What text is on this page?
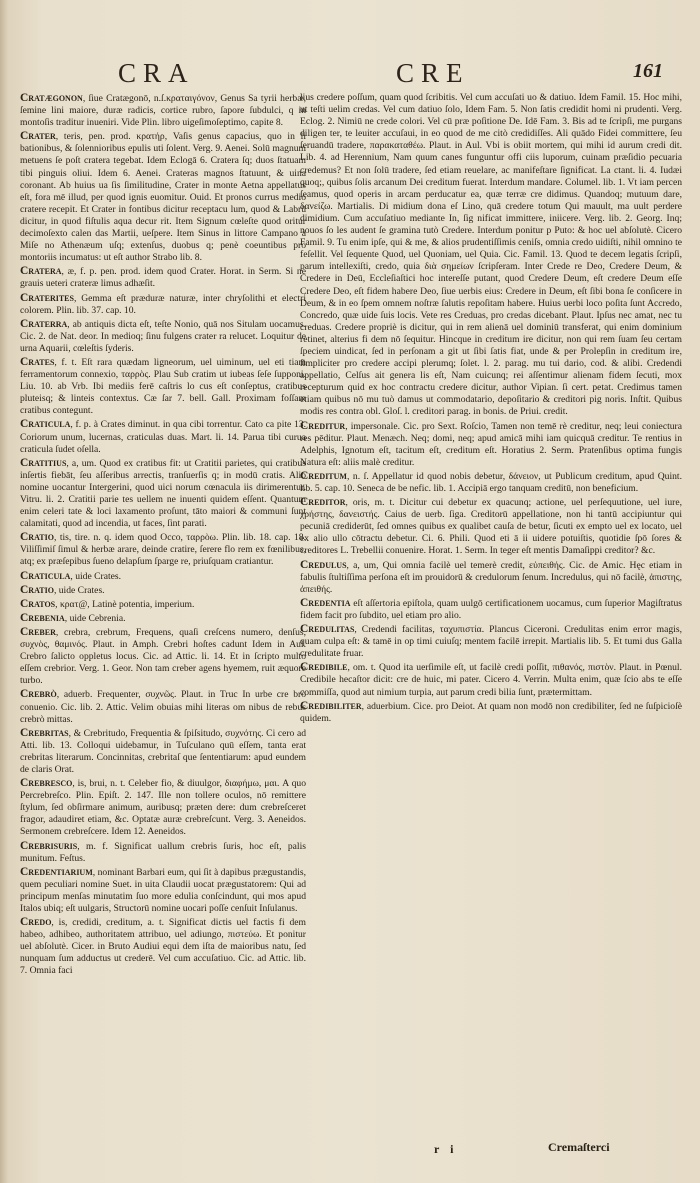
CRA	CRE	161
Cratægonon, ſiue Cratægonō, n.ſ.κραταιγόνον, Genus Sa tyrii herbæ, ſemine lini maiore, duræ radicis, cortice rubro, ſapore ſubdulci, q in montoſis traditur inueniri. Vide Plin. libro uigeſimoſeptimo, capite 8.
Crater, teris, pen. prod. κρατήρ, Vaſis genus capacius, quo in li bationibus, & ſolennioribus epulis uti ſolent. Verg. 9. Aenei. Solū magnum metuens ſe poſt cratera tegebat. Idem Eclogā 6. Cratera ſq; duos ſtatuam tibi pinguis oliui. Idem 6. Aenei. Crateras magnos ſtatuunt, & uina coronant. Ab huius ua ſis ſimilitudine, Crater in monte Aetna appellatus eſt, fora mē illud, per quod ignis euomitur. Ouid. Et pronos currus medio cratere recepit. Et Crater in fontibus dicitur receptacu lum, quod & Labrū dicitur, in quod fiſtulis aqua decur rit. Item Signum cœleſte quod oritur decimoſexto calen das Martii, ueſpere. Item Sinus in littore Campano à Miſe no Athenæum uſq; extenſus, duobus q; penè coeuntibus pro montoriis incumatus: ut eſt author Strabo lib. 8.
Cratera, æ, f. p. pen. prod. idem quod Crater. Horat. in Serm. Si ne grauis ueteri crateræ limus adhæſit.
Craterites, Gemma eſt præduræ naturæ, inter chryſolithi et electri colorem. Plin. lib. 37. cap. 10.
Craterra, ab antiquis dicta eſt, teſte Nonio, quā nos Situlam uocamus. Cic. 2. de Nat. deor. In medioq; ſinu fulgens crater ra relucet. Loquitur de urna Aquarii, cœleſtis ſyderis.
Crates, f. t. Eſt rara quædam ligneorum, uel uiminum, uel eti tiam ferramentorum connexio, ταρρὸς. Plau Sub cratim ut iubeas ſeſe ſupponi. Liu. 10. ab Vrb. Ibi mediis ferē caſtris lo cus eſt conſeptus, cratibus pluteisq; & linteis contextus. Cæ ſar 7. bell. Gall. Proximam foſſam cratibus contegunt.
Craticula, f. p. à Crates diminut. in qua cibi torrentur. Cato ca pite 13. Coriorum unum, lucernas, craticulas duas. Mart. li. 14. Parua tibi curua craticula ſudet oſella.
Cratitius, a, um. Quod ex cratibus fit: ut Cratitii parietes, qui cratibus inſertis fiebāt, ſeu aſſeribus arrectis, tranſuerſis q; in modū cratis. Alio nomine uocantur Intergerini, quod uici norum cœnacula iis dirimerentur. Vitru. li. 2. Cratitii parie tes uellem ne inuenti quidem eſſent. Quantum enim celeri tate & loci laxamento proſunt, tāto maiori & communi ſunt calamitati, quod ad incendia, ut faces, ſint parati.
Cratio, tis, tire. n. q. idem quod Occo, ταρρὸω. Plin. lib. 18. cap. 18. Viliſſimiſ ſimul & herbæ arare, deinde cratire, ſerere flo rem ex fœnilibus, atq; ex præſepibus ſueno delapſum ſparge re, priuſquam cratiantur.
Craticula, uide Crates.
Cratio, uide Crates.
Cratos, κρατ@, Latinè potentia, imperium.
Crebenia, uide Cebrenia.
Creber, crebra, crebrum, Frequens, quaſi creſcens numero, denſus, συχνὸς, θαμινός. Plaut. in Amph. Crebri hoſtes cadunt Idem in Aul. Crebro ſalicto oppletus locus. Cic. ad Attic. li. 14. Et in ſcripto multo eſſem crebrior. Verg. 1. Geor. Non tam creber agens hyemem, ruit æquore turbo.
Crebrò, aduerb. Frequenter, συχνῶς. Plaut. in Truc In urbe cre brò conuenio. Cic. lib. 2. Attic. Velim obuias mihi literas om nibus de rebus crebrò mittas.
Crebritas, & Crebritudo, Frequentia & ſpiſsitudo, συχνότης. Ci cero ad Atti. lib. 13. Colloqui uidebamur, in Tuſculano quū eſſem, tanta erat crebritas literarum. Concinnitas, crebritaſ que ſententiarum: apud eundem de claris Orat.
Crebreſco, is, brui, n. t. Celeber fio, & diuulgor, διαφήμω, μαι. A quo Percrebreſco. Plin. Epiſt. 2. 147. Ille non tollere oculos, nō remittere ſtylum, ſed obſirmare animum, auribusq; præten dere: dum crebreſceret fragor, adaudiret etiam, &c. Optatæ auræ crebreſcunt. Verg. 3. Aeneidos. Sermonem crebreſcere. Idem 12. Aeneidos.
Crebriſuris, m. f. Significat uallum crebris ſuris, hoc eſt, palis munitum. Feſtus.
Credentiarium, nominant Barbari eum, qui ſit à dapibus prægustandis, quem peculiari nomine Suet. in uita Claudii uocat prægustatorem: Qui ad principum menſas minutatim ſuo more edulia conſcindunt, qui mos apud Italos ubiq; eſt uulgaris, Structorū nomine uocari poſſe cenſuit Inſulanus.
Credo, is, credidi, creditum, a. t. Significat dictis uel factis fi dem habeo, adhibeo, authoritatem attribuo, uel adiungo, πιστεύω. Et ponitur uel abſolutè. Cicer. in Bruto Audiui equi dem iſta de maioribus natu, ſed nunquam ſum adductus ut crederē. Vel cum accuſatiuo. Cic. ad Attic. lib. 7. Omnia faci
lius credere poſſum, quam quod ſcribitis. Vel cum accuſati uo & datiuo. Idem Famil. 15. Hoc mihi, ut teſti uelim credas. Vel cum datiuo ſolo, Idem Fam. 5. Non ſatis credidit homi ni prudenti. Verg. Eclog. 2. Nimiū ne crede colori. Vel cū præ poſitione De. Idē Fam. 3. Bis ad te ſcripſi, me purgans diligen ter, te leuiter accuſaui, in eo quod de me citò credidiſſes. Ali quādo Fidei committere, ſeu ſeruandū tradere, παρακαταθέω. Plaut. in Aul. Vbi is obiit mortem, qui mihi id aurum credi dit. Lib. 4. ad Herennium, Nam quum canes funguntur offi ciis luporum, cuinam præſidio pecuaria credemus? Et non ſolū tradere, ſed etiam reuelare, ac manifeſtare ſignificat. La ctant. li. 4. Iudæi quoq;, quibus ſolis arcanum Dei creditum fuerat. Interdum mandare. Columel. lib. 1. Vt iam percen ſeamus, quod operis in arcam perducatur ea, quæ terræ cre didimus. Quandoq; mutuum dare, δανείζω. Martialis. Di midium dona eſ Lino, quā credere totum Qui mauult, ma uult perdere dimidium. Cum accuſatiuo mediante In, ſig nificat immittere, iniicere. Verg. lib. 2. Georg. Inq; nouos ſo les audent ſe gramina tutò Credere. Interdum ponitur p Puto: & hoc uel abſolutè. Cicero Famil. 9. Tu enim ipſe, qui & me, & alios prudentiſſimis ceniſs, omnia credo uidiſti, nihil omnino te feſellit. Vel ſequente Quod, uel Quoniam, uel Quia. Cic. Famil. 13. Quod te decem legatis ſcripſi, parum intellexiſti, credo, quia διὰ σημείων ſcripſeram. Inter Crede re Deo, Credere Deum, & Credere in Deū, Eccleſiaſtici hoc intereſſe putant, quod Credere Deum, eſt credere Deum eſſe Credere Deo, eſt fidem habere Deo, ſiue uerbis eius: Credere in Deum, eſt ſibi bona ſe conſicere in Deum, & in eo ſpem omnem noſtræ ſalutis repoſitam habere. Huius uerbi loco poſita ſunt Accredo, Concredo, quæ uide ſuis locis. Vete res Creduas, pro credas dicebant. Plaut. Ipſus nec amat, nec tu creduas. Credere propriè is dicitur, qui in rem alienā uel dominiū transferat, qui enim dominium retinet, alterius fi dem nō ſequitur. Hincque in creditum ire dicitur, non qui rem ſuam ſeu certam ſpeciem uindicat, ſed in perſonam a git ut ſibi ſatis fiat, unde & per Prolepſin in creditum ire, ſimpliciter pro credere accipi plerumq; ſolet. l. 2. parag. mu tui dario, cod. & alibi. Credendi appellatio, Celſus ait genera lis eſt, Nam cuicunq; rei aſſentimur alienam fidem ſecuti, mox recepturum quid ex hoc contractu credere dicitur, author Vipian. ſi cert. petat. Credimus tamen etiam quibus nō mu tuò damus ut commodatario, depoſitario & creditori pig noris. Inſtit. Quibus modis res contra obl. Gloſ. l. creditori parag. in bonis. de Priui. credit.
Creditur, impersonale. Cic. pro Sext. Roſcio, Tamen non temē rè creditur, neq; leui coniectura res pēditur. Plaut. Menæch. Neq; domi, neq; apud amicā mihi iam quicquā creditur. Te rentius in Adelphis, Ignotum eſt, tacitum eſt, creditum eſt. Horatius 2. Serm. Pratenſibus optima fungis Natura eſt: aliis malè creditur.
Creditum, n. ſ. Appellatur id quod nobis debetur, δάνειον, ut Publicum creditum, apud Quint. lib. 5. cap. 10. Seneca de be nefic. lib. 1. Accipiā ergo tanquam creditū, non beneficium.
Creditor, oris, m. t. Dicitur cui debetur ex quacunq; actione, uel perſequutione, uel iure, χρήστης, δανειστής. Caius de uerb. ſiga. Creditorū appellatione, non hi tantū accipiuntur qui pecuniā crediderūt, ſed omnes quibus ex qualibet cauſa de betur, ſicuti ex empto uel ex locato, uel ex alio ullo cōtractu debetur. Ci. 6. Phili. Quod eti ā ii uidere potuiſtis, quotidie ſpō ſores & creditores L. Trebellii conuenire. Horat. 1. Serm. In teger eſt mentis Damaſippi creditor? &c.
Credulus, a, um, Qui omnia facilè uel temerè credit, εὐπειθής. Cic. de Amic. Hęc etiam in fabulis ſtultiſſima perſona eſt im prouidorū & credulorum ſenum. Incredulus, qui nō facilè, ἀπιστης, ἀπειθής.
Credentia eſt aſſertoria epiſtola, quam uulgō certificationem uocamus, cum ſuperior Magiſtratus fidem facit pro ſubdito, uel etiam pro alio.
Credulitas, Credendi facilitas, ταχυπιστία. Plancus Ciceroni. Credulitas enim error magis, quam culpa eſt: & tamē in op timi cuiuſq; mentem facilē irrepit. Martialis lib. 5. Et tumi dus Galla credulitate fruar.
Credibile, om. t. Quod ita uerſimile eſt, ut facilè credi poſſit, πιθανός, πιστὸν. Plaut. in Pœnul. Credibile hecaſtor dicit: cre de huic, mi pater. Cicero 4. Verrin. Multa enim, quæ ſcio abs te eſſe commiſſa, quod aut nimium turpia, aut parum credi bilia ſunt, prætermittam.
Credibiliter, aduerbium. Cice. pro Deiot. At quam non modō non credibiliter, ſed ne ſuſpicioſè quidem.
r i	Cremaſterci
